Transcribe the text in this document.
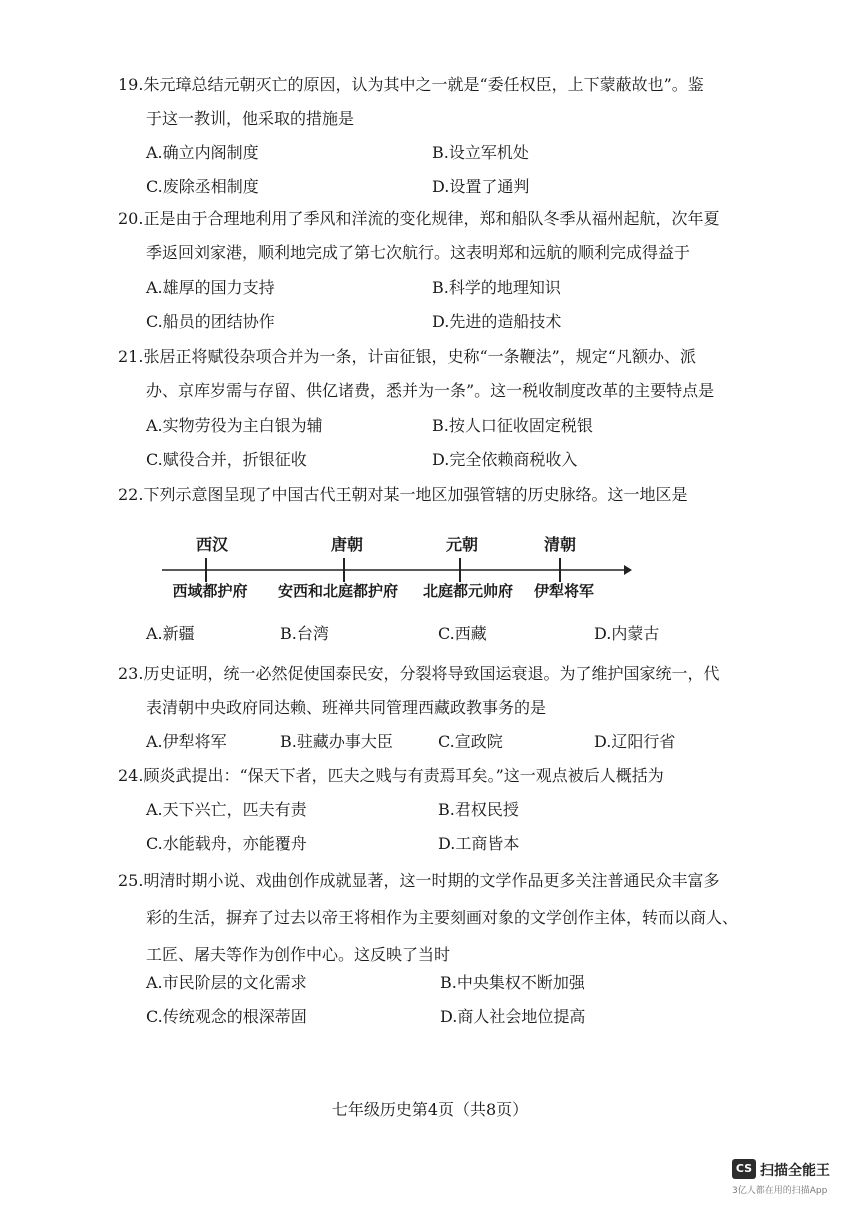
19.朱元璋总结元朝灭亡的原因，认为其中之一就是“委任权臣，上下蒙蔽故也”。鉴
于这一教训，他采取的措施是
A.确立内阁制度	B.设立军机处
C.废除丞相制度	D.设置了通判
20.正是由于合理地利用了季风和洋流的变化规律，郑和船队冬季从福州起航，次年夏
季返回刘家港，顺利地完成了第七次航行。这表明郑和远航的顺利完成得益于
A.雄厚的国力支持	B.科学的地理知识
C.船员的团结协作	D.先进的造船技术
21.张居正将赋役杂项合并为一条，计亩征银，史称“一条鞭法”，规定“凡额办、派
办、京库岁需与存留、供亿诸费，悉并为一条”。这一税收制度改革的主要特点是
A.实物劳役为主白银为辅	B.按人口征收固定税银
C.赋役合并，折银征收	D.完全依赖商税收入
22.下列示意图呈现了中国古代王朝对某一地区加强管辖的历史脉络。这一地区是
西汉	唐朝	元朝	清朝
西域都护府 安西和北庭都护府 北庭都元帅府 伊犁将军
A.新疆	B.台湾	C.西藏	D.内蒙古
23.历史证明，统一必然促使国泰民安，分裂将导致国运衰退。为了维护国家统一，代
表清朝中央政府同达赖、班禅共同管理西藏政教事务的是
A.伊犁将军	B.驻藏办事大臣	C.宣政院	D.辽阳行省
24.顾炎武提出：“保天下者，匹夫之贱与有责焉耳矣。”这一观点被后人概括为
A.天下兴亡，匹夫有责	B.君权民授
C.水能载舟，亦能覆舟	D.工商皆本
25.明清时期小说、戏曲创作成就显著，这一时期的文学作品更多关注普通民众丰富多
彩的生活，摒弃了过去以帝王将相作为主要刻画对象的文学创作主体，转而以商人、
工匠、屠夫等作为创作中心。这反映了当时
A.市民阶层的文化需求	B.中央集权不断加强
C.传统观念的根深蒂固	D.商人社会地位提高
七年级历史第4页（共8页）
CS 扫描全能王
3亿人都在用的扫描App
